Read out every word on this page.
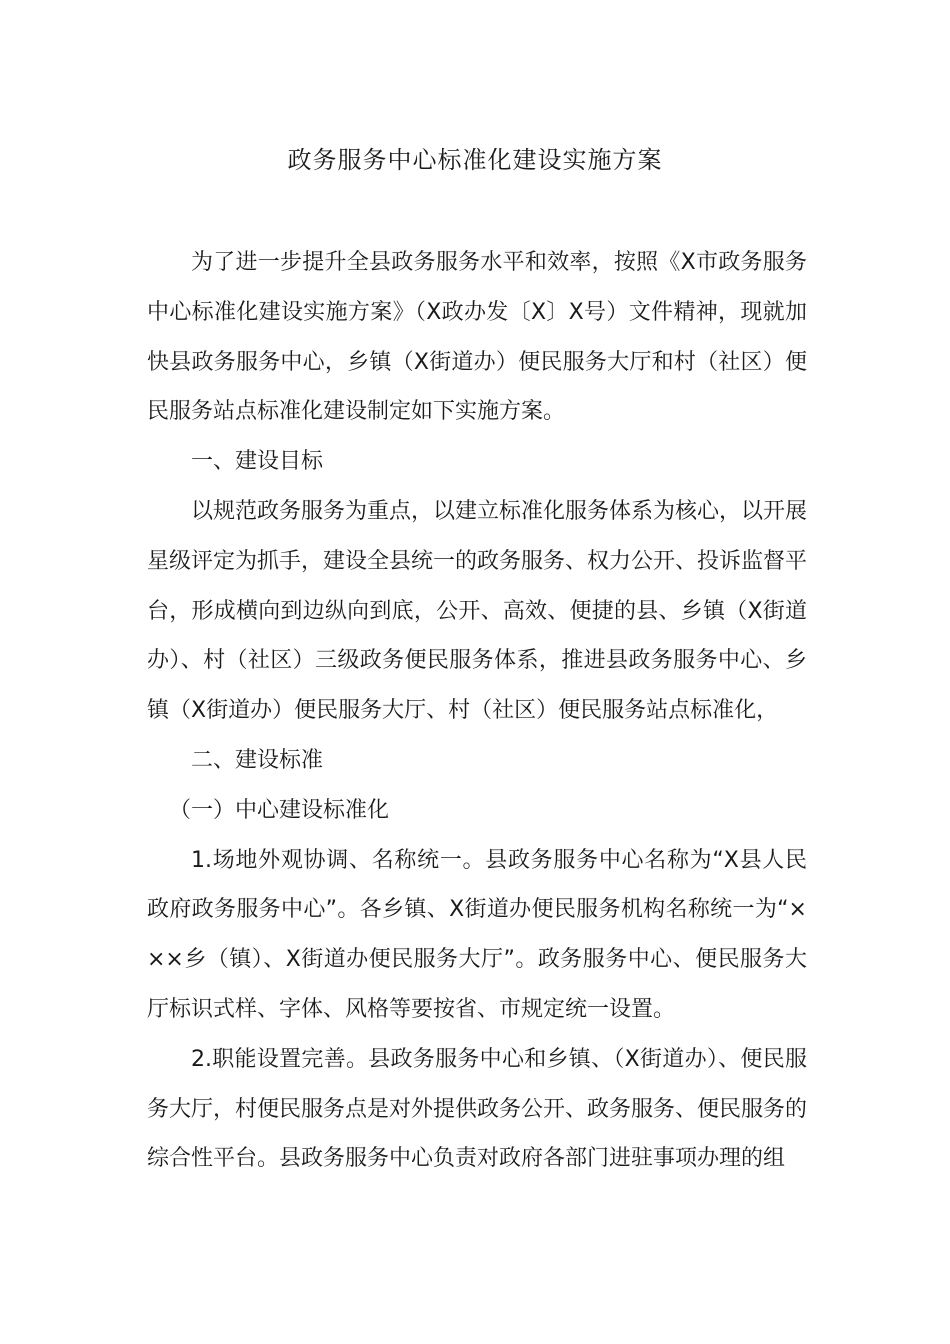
政务服务中心标准化建设实施方案

为了进一步提升全县政务服务水平和效率，按照《X市政务服务中心标准化建设实施方案》（X政办发〔X〕X号）文件精神，现就加快县政务服务中心，乡镇（X街道办）便民服务大厅和村（社区）便民服务站点标准化建设制定如下实施方案。

一、建设目标

以规范政务服务为重点，以建立标准化服务体系为核心，以开展星级评定为抓手，建设全县统一的政务服务、权力公开、投诉监督平台，形成横向到边纵向到底，公开、高效、便捷的县、乡镇（X街道办）、村（社区）三级政务便民服务体系，推进县政务服务中心、乡镇（X街道办）便民服务大厅、村（社区）便民服务站点标准化，

二、建设标准

（一）中心建设标准化

1.场地外观协调、名称统一。县政务服务中心名称为“X县人民政府政务服务中心”。各乡镇、X街道办便民服务机构名称统一为“×××乡（镇）、X街道办便民服务大厅”。政务服务中心、便民服务大厅标识式样、字体、风格等要按省、市规定统一设置。

2.职能设置完善。县政务服务中心和乡镇、（X街道办）、便民服务大厅，村便民服务点是对外提供政务公开、政务服务、便民服务的综合性平台。县政务服务中心负责对政府各部门进驻事项办理的组
